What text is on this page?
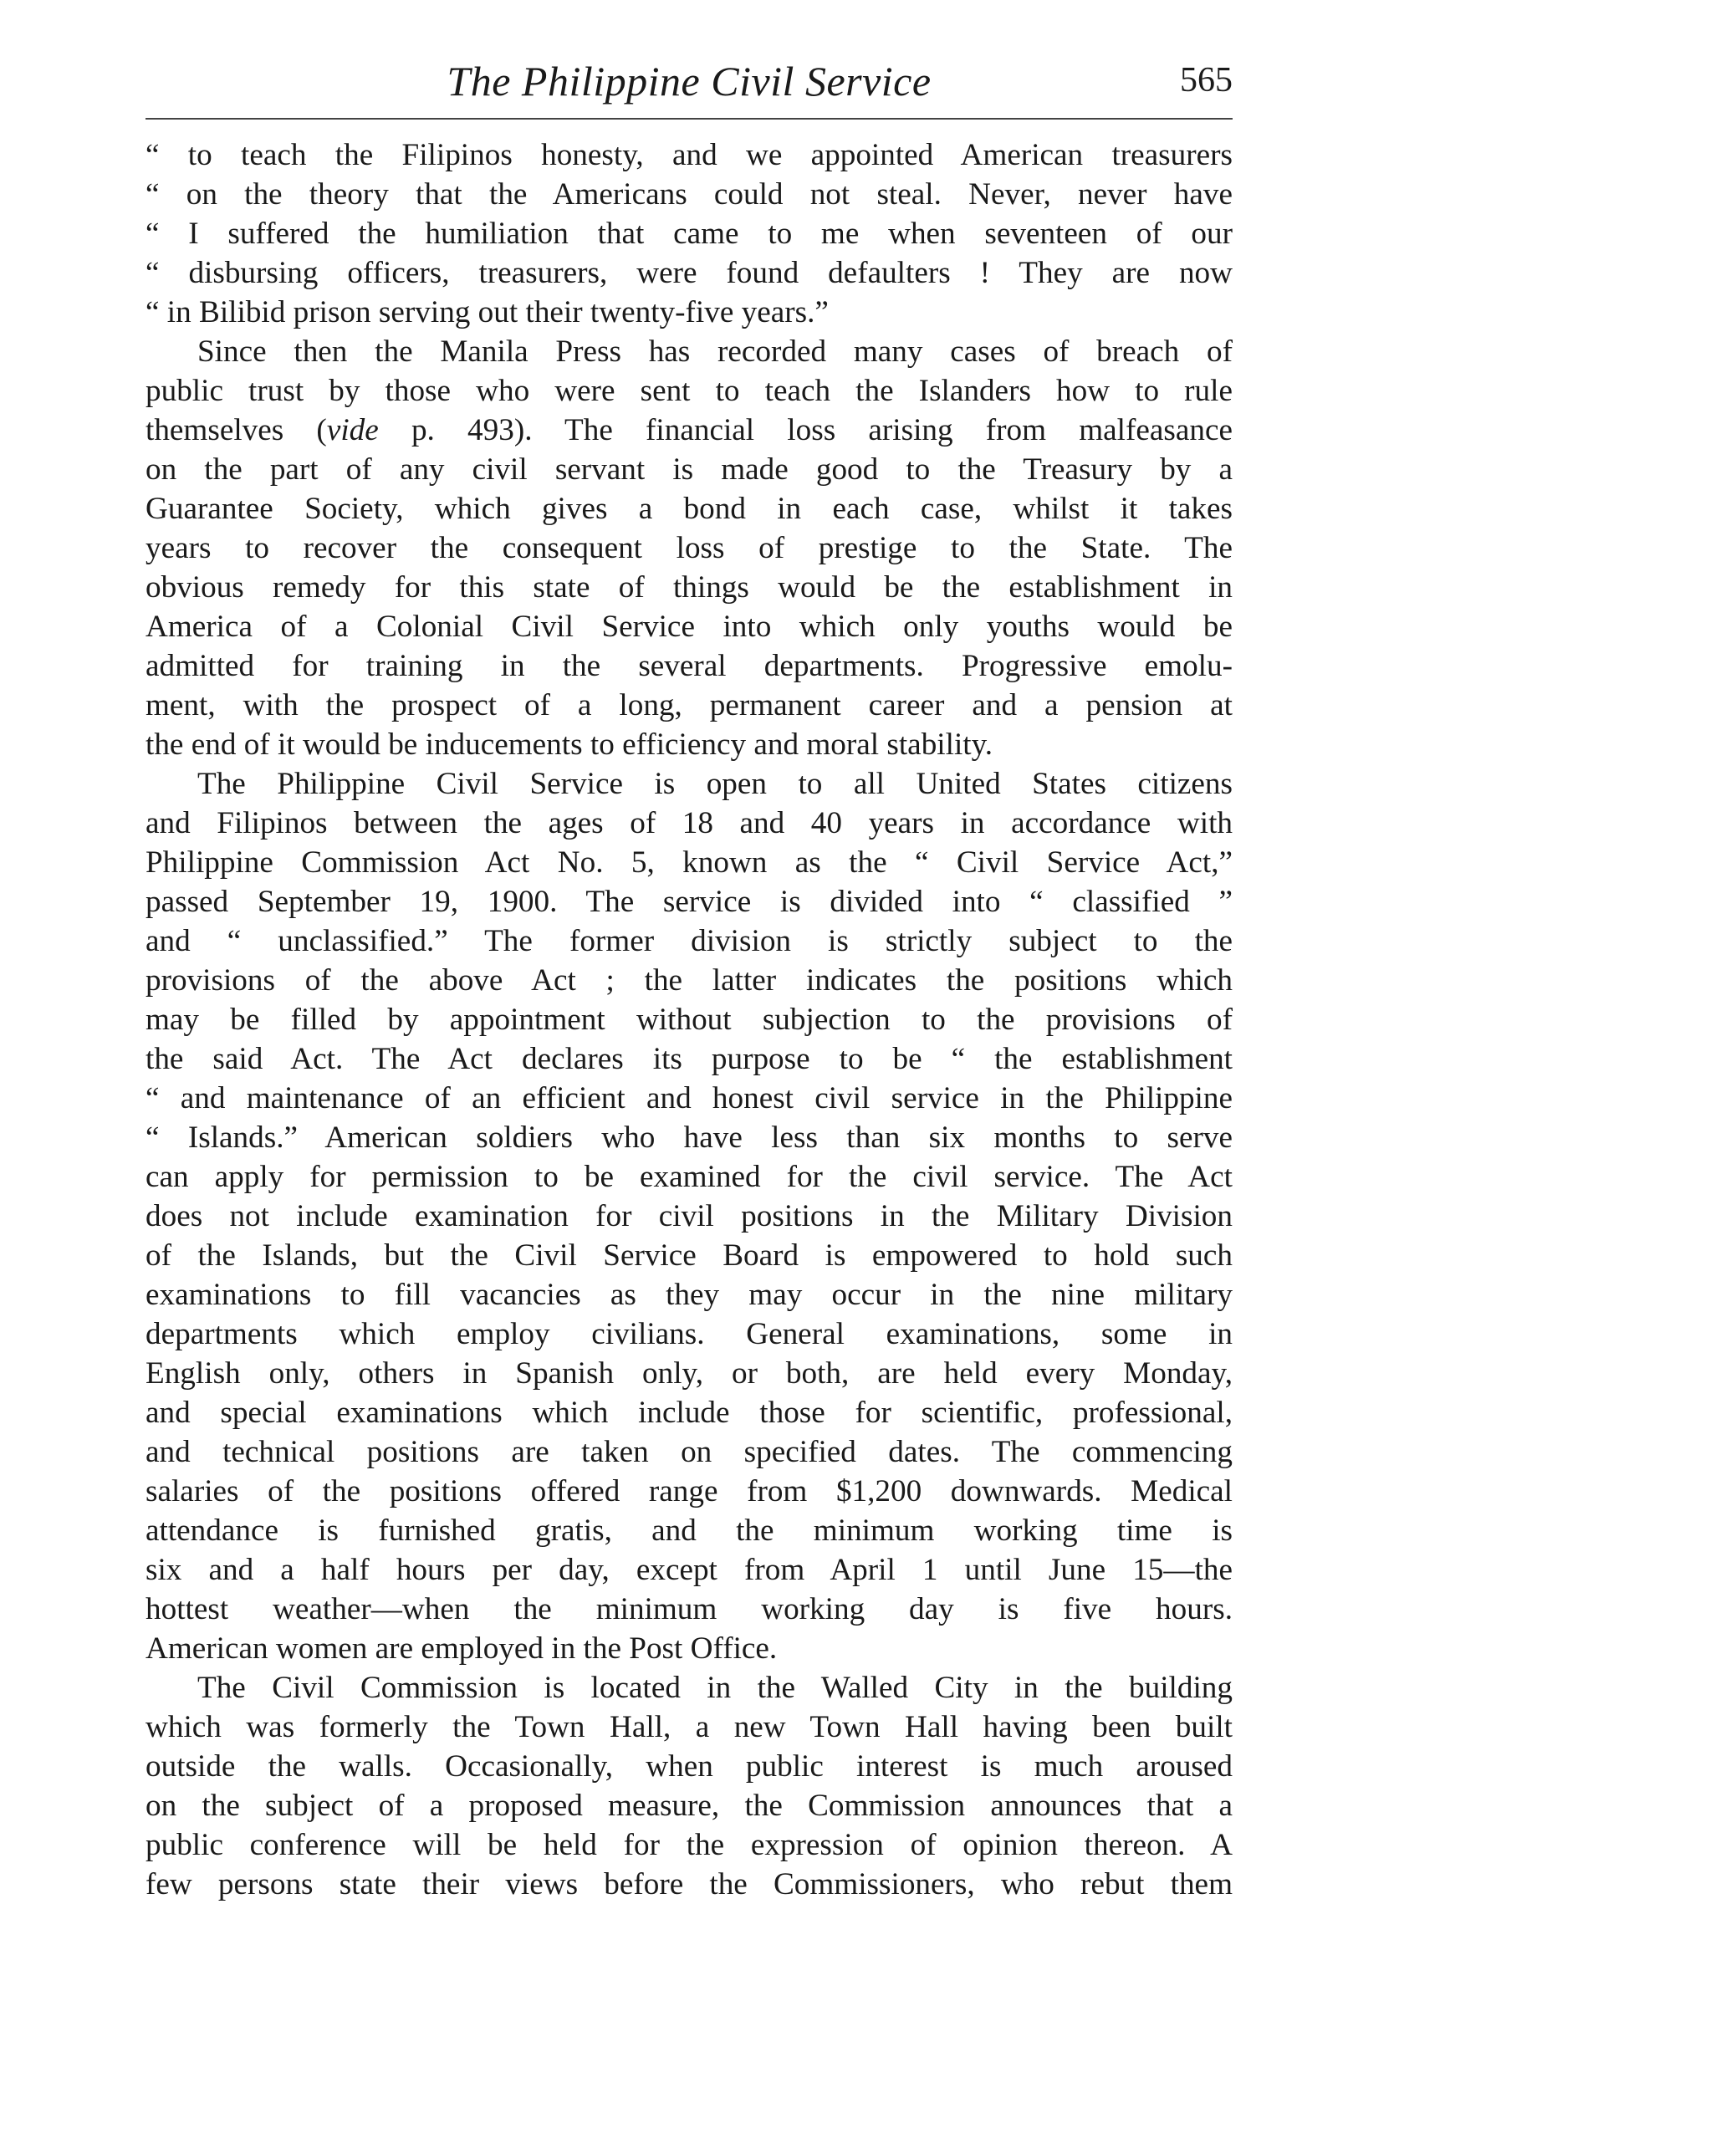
The Philippine Civil Service	565
“ to teach the Filipinos honesty, and we appointed American treasurers
“ on the theory that the Americans could not steal. Never, never have
“ I suffered the humiliation that came to me when seventeen of our
“ disbursing officers, treasurers, were found defaulters ! They are now
“ in Bilibid prison serving out their twenty-five years.”
Since then the Manila Press has recorded many cases of breach of
public trust by those who were sent to teach the Islanders how to rule
themselves (vide p. 493). The financial loss arising from malfeasance
on the part of any civil servant is made good to the Treasury by a
Guarantee Society, which gives a bond in each case, whilst it takes
years to recover the consequent loss of prestige to the State. The
obvious remedy for this state of things would be the establishment in
America of a Colonial Civil Service into which only youths would be
admitted for training in the several departments. Progressive emolu-
ment, with the prospect of a long, permanent career and a pension at
the end of it would be inducements to efficiency and moral stability.
The Philippine Civil Service is open to all United States citizens
and Filipinos between the ages of 18 and 40 years in accordance with
Philippine Commission Act No. 5, known as the “ Civil Service Act,”
passed September 19, 1900. The service is divided into “ classified ”
and “ unclassified.” The former division is strictly subject to the
provisions of the above Act ; the latter indicates the positions which
may be filled by appointment without subjection to the provisions of
the said Act. The Act declares its purpose to be “ the establishment
“ and maintenance of an efficient and honest civil service in the Philippine
“ Islands.” American soldiers who have less than six months to serve
can apply for permission to be examined for the civil service. The Act
does not include examination for civil positions in the Military Division
of the Islands, but the Civil Service Board is empowered to hold such
examinations to fill vacancies as they may occur in the nine military
departments which employ civilians. General examinations, some in
English only, others in Spanish only, or both, are held every Monday,
and special examinations which include those for scientific, professional,
and technical positions are taken on specified dates. The commencing
salaries of the positions offered range from $1,200 downwards. Medical
attendance is furnished gratis, and the minimum working time is
six and a half hours per day, except from April 1 until June 15—the
hottest weather—when the minimum working day is five hours.
American women are employed in the Post Office.
The Civil Commission is located in the Walled City in the building
which was formerly the Town Hall, a new Town Hall having been built
outside the walls. Occasionally, when public interest is much aroused
on the subject of a proposed measure, the Commission announces that a
public conference will be held for the expression of opinion thereon. A
few persons state their views before the Commissioners, who rebut them
